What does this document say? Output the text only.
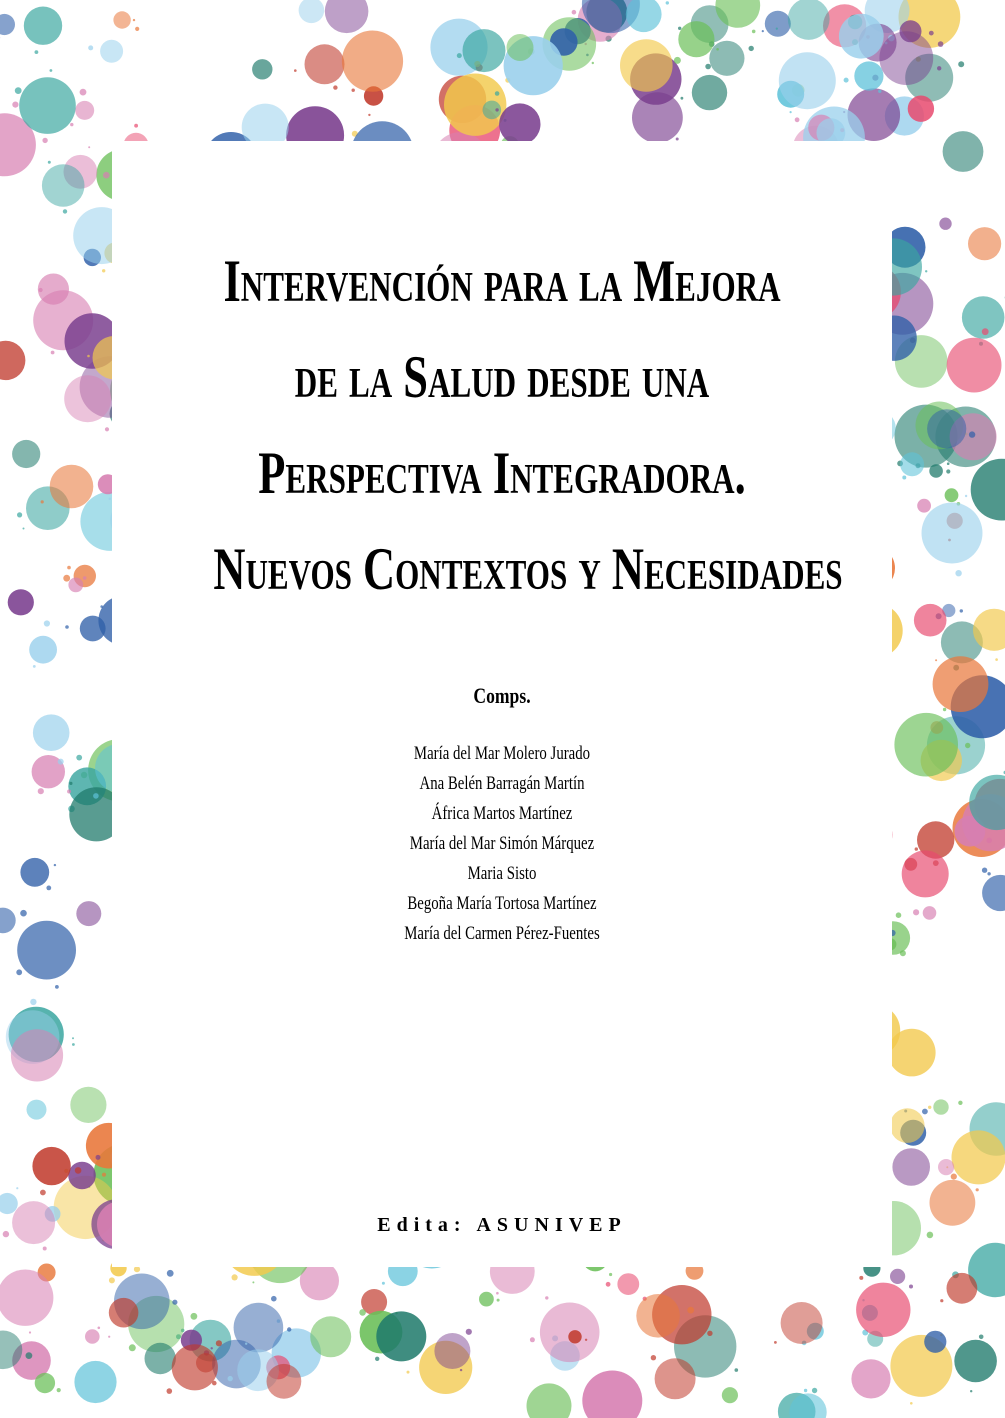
Intervención para la Mejora
de la Salud desde una
Perspectiva Integradora.
Nuevos Contextos y Necesidades
Comps.
María del Mar Molero Jurado
Ana Belén Barragán Martín
África Martos Martínez
María del Mar Simón Márquez
Maria Sisto
Begoña María Tortosa Martínez
María del Carmen Pérez-Fuentes
Edita: ASUNIVEP
